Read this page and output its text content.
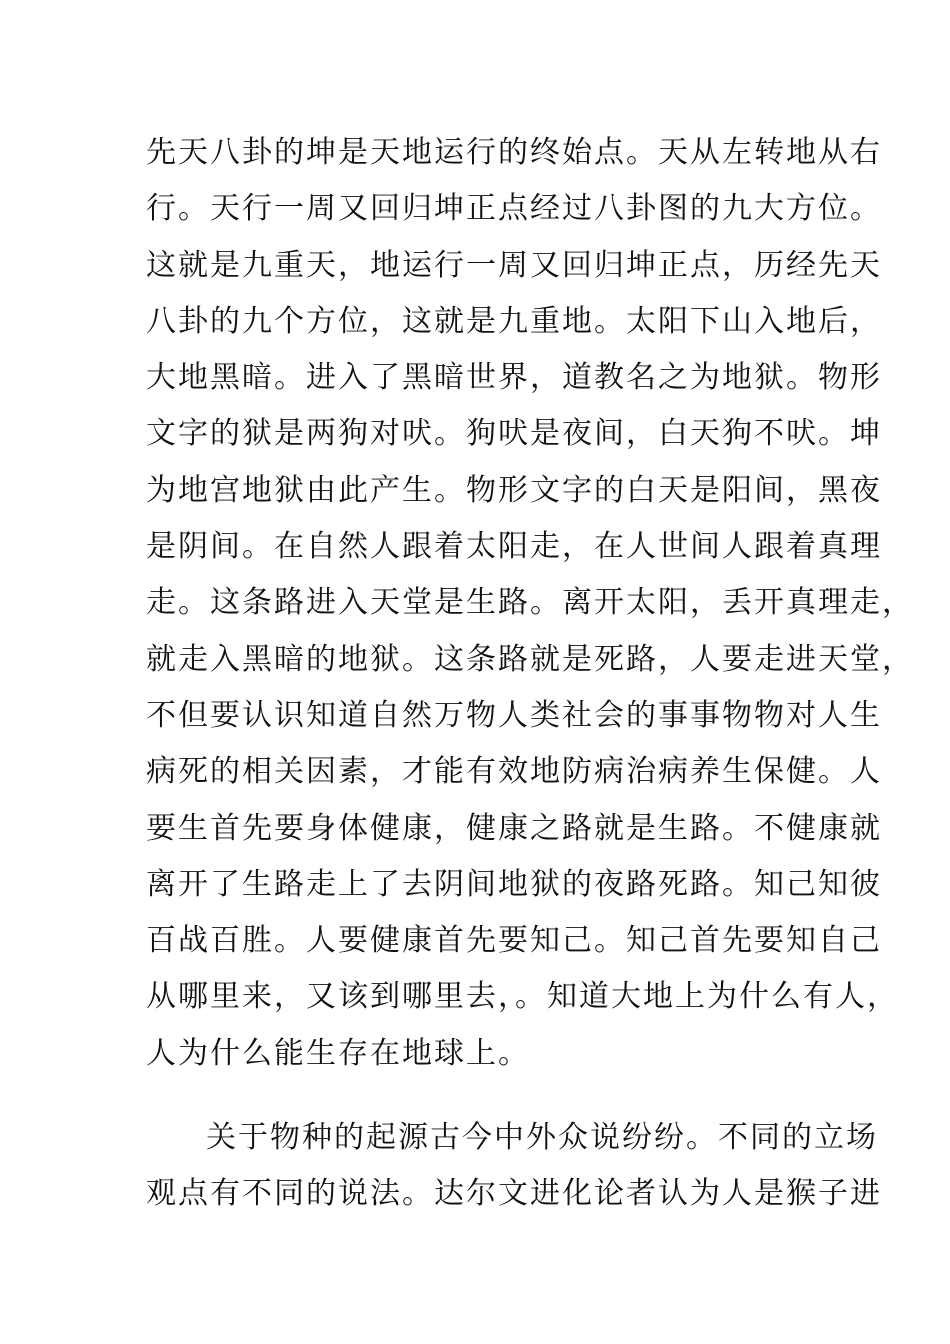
先天八卦的坤是天地运行的终始点。天从左转地从右
行。天行一周又回归坤正点经过八卦图的九大方位。
这就是九重天，地运行一周又回归坤正点，历经先天
八卦的九个方位，这就是九重地。太阳下山入地后，
大地黑暗。进入了黑暗世界，道教名之为地狱。物形
文字的狱是两狗对吠。狗吠是夜间，白天狗不吠。坤
为地宫地狱由此产生。物形文字的白天是阳间，黑夜
是阴间。在自然人跟着太阳走，在人世间人跟着真理
走。这条路进入天堂是生路。离开太阳，丢开真理走，
就走入黑暗的地狱。这条路就是死路，人要走进天堂，
不但要认识知道自然万物人类社会的事事物物对人生
病死的相关因素，才能有效地防病治病养生保健。人
要生首先要身体健康，健康之路就是生路。不健康就
离开了生路走上了去阴间地狱的夜路死路。知己知彼
百战百胜。人要健康首先要知己。知己首先要知自己
从哪里来，又该到哪里去，。知道大地上为什么有人，
人为什么能生存在地球上。
关于物种的起源古今中外众说纷纷。不同的立场
观点有不同的说法。达尔文进化论者认为人是猴子进
